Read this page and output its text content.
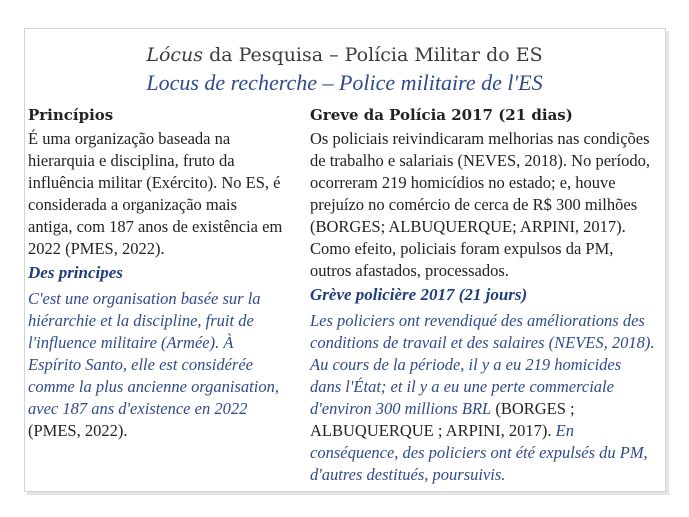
Lócus da Pesquisa – Polícia Militar do ES
Locus de recherche – Police militaire de l'ES

Princípios

É uma organização baseada na hierarquia e disciplina, fruto da influência militar (Exército). No ES, é considerada a organização mais antiga, com 187 anos de existência em 2022 (PMES, 2022).

Des principes

C'est une organisation basée sur la hiérarchie et la discipline, fruit de l'influence militaire (Armée). À Espírito Santo, elle est considérée comme la plus ancienne organisation, avec 187 ans d'existence en 2022 (PMES, 2022).

Greve da Polícia 2017 (21 dias)

Os policiais reivindicaram melhorias nas condições de trabalho e salariais (NEVES, 2018). No período, ocorreram 219 homicídios no estado; e, houve prejuízo no comércio de cerca de R$ 300 milhões (BORGES; ALBUQUERQUE; ARPINI, 2017). Como efeito, policiais foram expulsos da PM, outros afastados, processados.

Grève policière 2017 (21 jours)

Les policiers ont revendiqué des améliorations des conditions de travail et des salaires (NEVES, 2018). Au cours de la période, il y a eu 219 homicides dans l'État; et il y a eu une perte commerciale d'environ 300 millions BRL (BORGES ; ALBUQUERQUE ; ARPINI, 2017). En conséquence, des policiers ont été expulsés du PM, d'autres destitués, poursuivis.
